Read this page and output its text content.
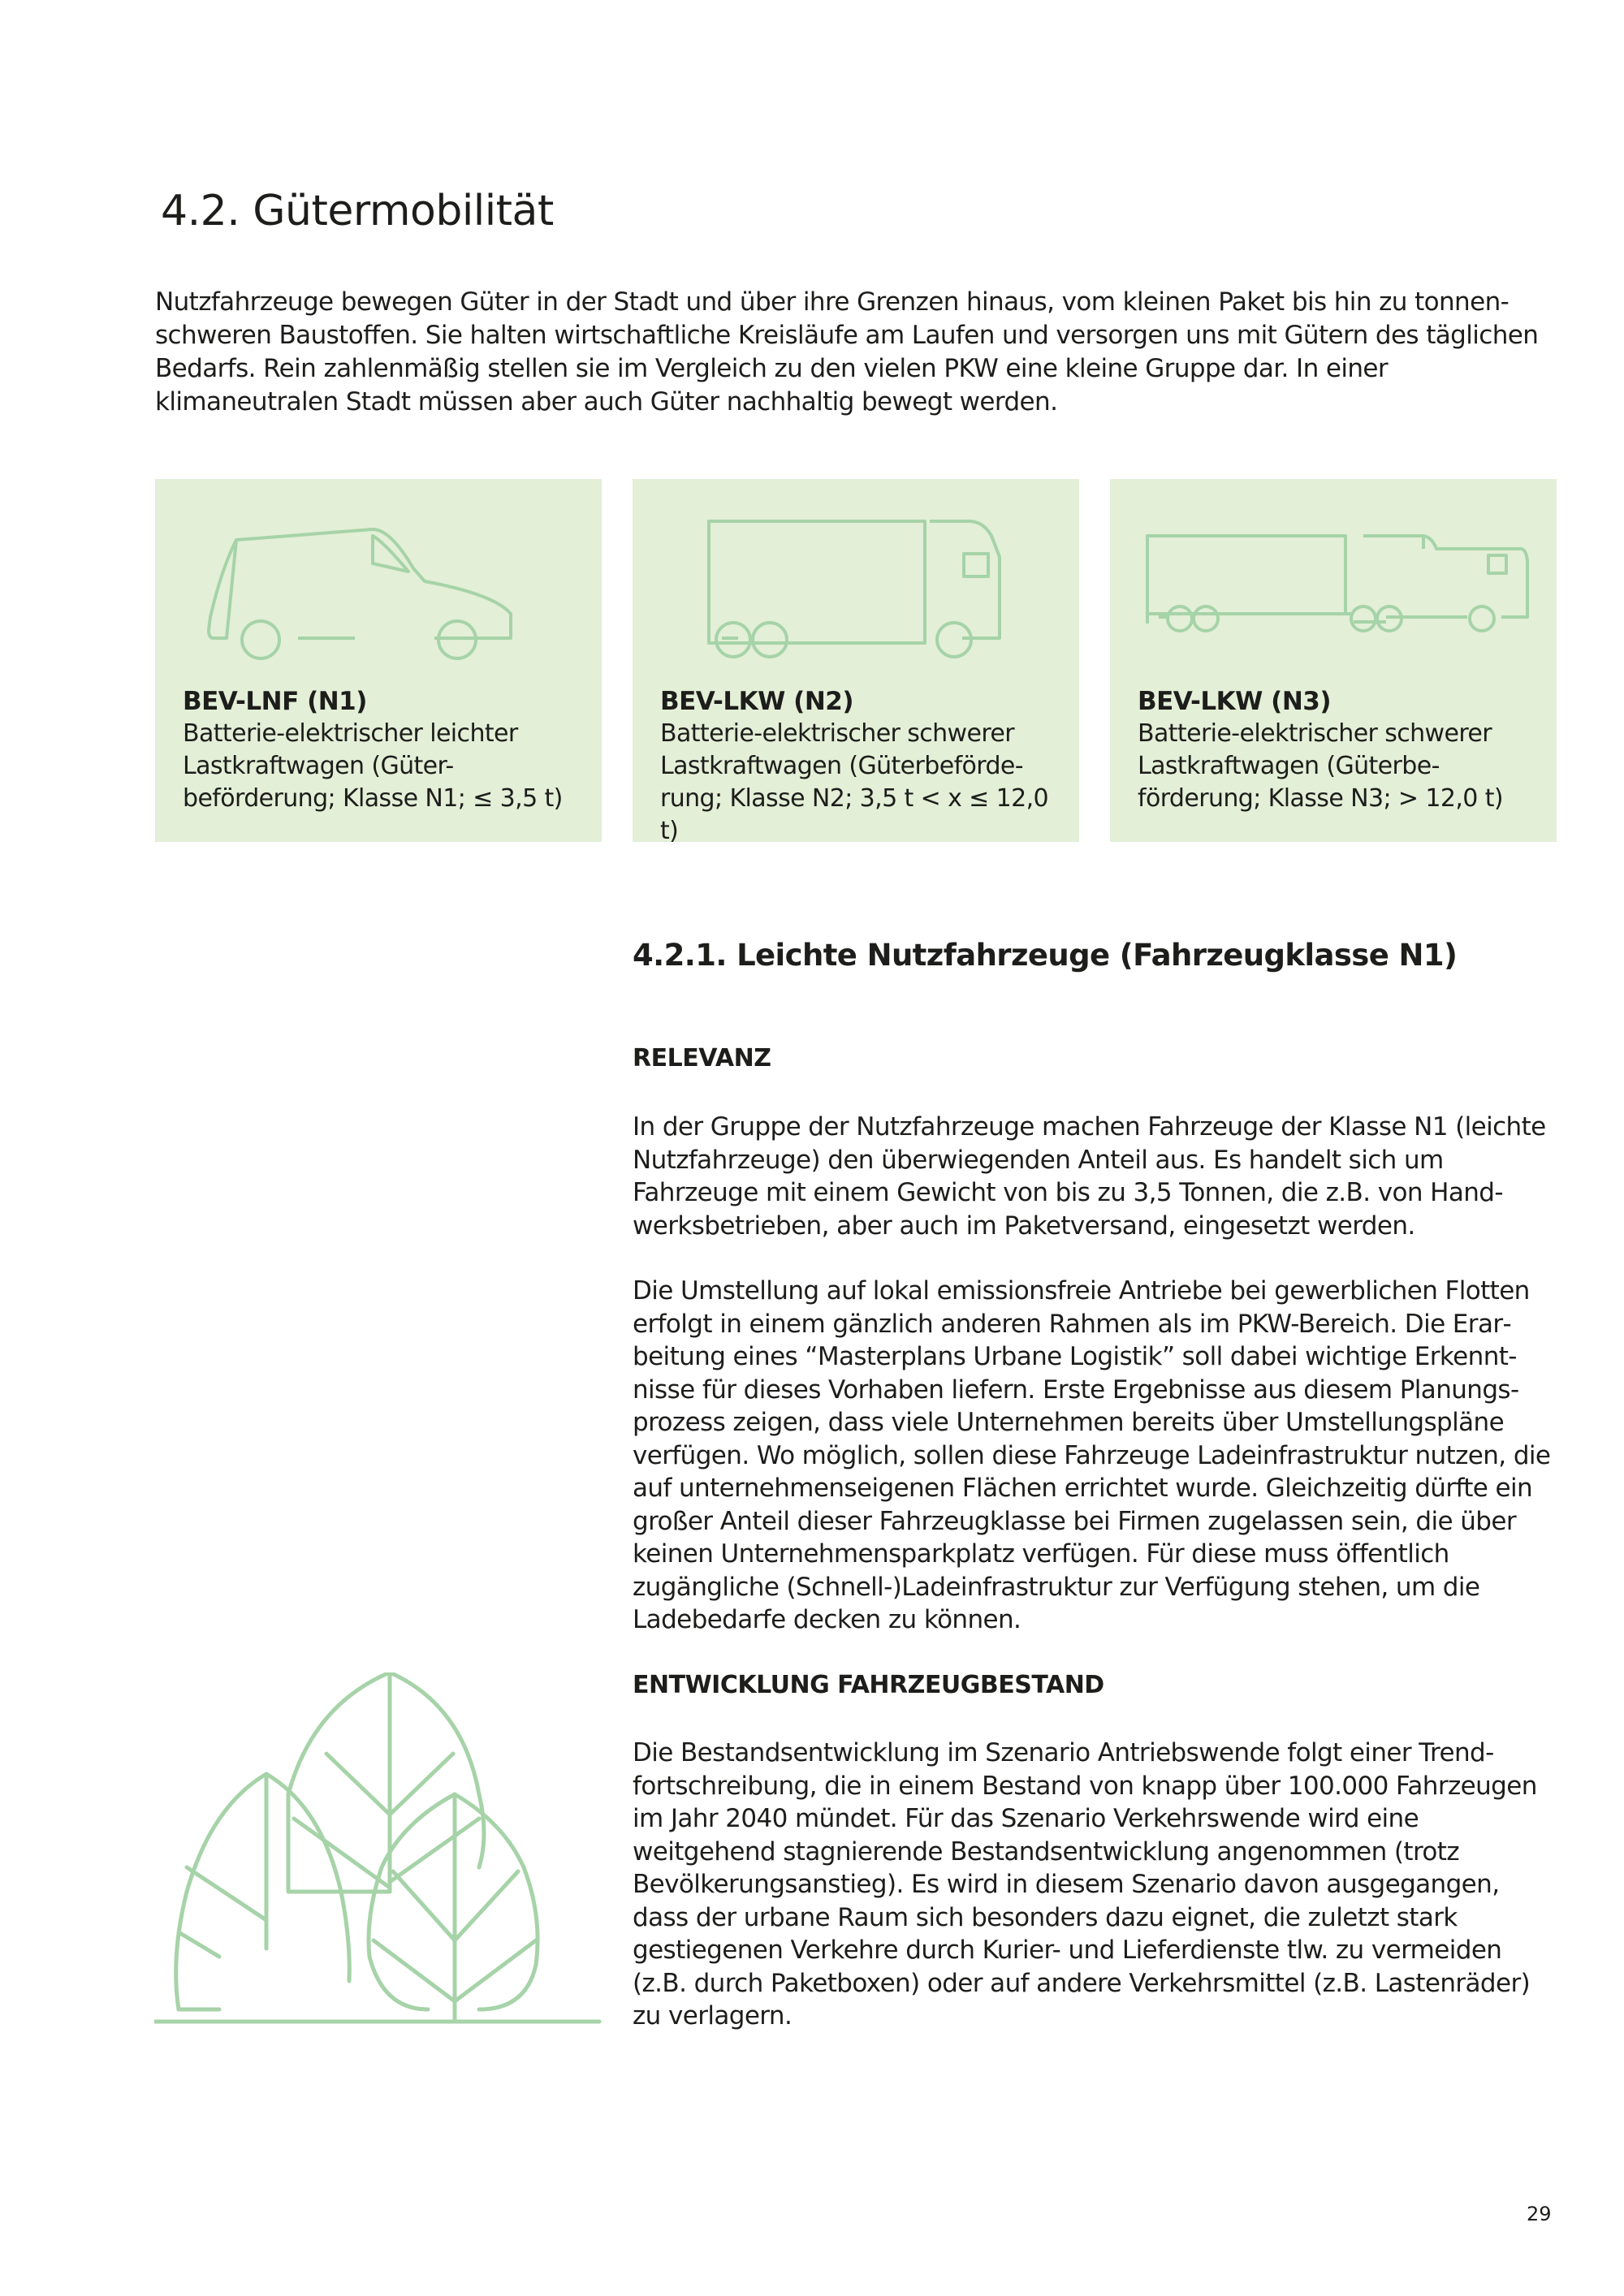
4.2. Gütermobilität

Nutzfahrzeuge bewegen Güter in der Stadt und über ihre Grenzen hinaus, vom kleinen Paket bis hin zu tonnenschweren Baustoffen. Sie halten wirtschaftliche Kreisläufe am Laufen und versorgen uns mit Gütern des täglichen Bedarfs. Rein zahlenmäßig stellen sie im Vergleich zu den vielen PKW eine kleine Gruppe dar. In einer klimaneutralen Stadt müssen aber auch Güter nachhaltig bewegt werden.

BEV-LNF (N1)
Batterie-elektrischer leichter
Lastkraftwagen (Güter-
beförderung; Klasse N1; ≤ 3,5 t)
BEV-LKW (N2)
Batterie-elektrischer schwerer
Lastkraftwagen (Güterbeförde-
rung; Klasse N2; 3,5 t < x ≤ 12,0 t)
BEV-LKW (N3)
Batterie-elektrischer schwerer
Lastkraftwagen (Güterbe-
förderung; Klasse N3; > 12,0 t)
4.2.1. Leichte Nutzfahrzeuge (Fahrzeugklasse N1)
RELEVANZ

In der Gruppe der Nutzfahrzeuge machen Fahrzeuge der Klasse N1 (leichte Nutzfahrzeuge) den überwiegenden Anteil aus. Es handelt sich um Fahrzeuge mit einem Gewicht von bis zu 3,5 Tonnen, die z.B. von Handwerksbetrieben, aber auch im Paketversand, eingesetzt werden.

Die Umstellung auf lokal emissionsfreie Antriebe bei gewerblichen Flotten erfolgt in einem gänzlich anderen Rahmen als im PKW-Bereich. Die Erarbeitung eines “Masterplans Urbane Logistik” soll dabei wichtige Erkenntnisse für dieses Vorhaben liefern. Erste Ergebnisse aus diesem Planungsprozess zeigen, dass viele Unternehmen bereits über Umstellungspläne verfügen. Wo möglich, sollen diese Fahrzeuge Ladeinfrastruktur nutzen, die auf unternehmenseigenen Flächen errichtet wurde. Gleichzeitig dürfte ein großer Anteil dieser Fahrzeugklasse bei Firmen zugelassen sein, die über keinen Unternehmensparkplatz verfügen. Für diese muss öffentlich zugängliche (Schnell-)Ladeinfrastruktur zur Verfügung stehen, um die Ladebedarfe decken zu können.

ENTWICKLUNG FAHRZEUGBESTAND

Die Bestandsentwicklung im Szenario Antriebswende folgt einer Trendfortschreibung, die in einem Bestand von knapp über 100.000 Fahrzeugen im Jahr 2040 mündet. Für das Szenario Verkehrswende wird eine weitgehend stagnierende Bestandsentwicklung angenommen (trotz Bevölkerungsanstieg). Es wird in diesem Szenario davon ausgegangen, dass der urbane Raum sich besonders dazu eignet, die zuletzt stark gestiegenen Verkehre durch Kurier- und Lieferdienste tlw. zu vermeiden (z.B. durch Paketboxen) oder auf andere Verkehrsmittel (z.B. Lastenräder) zu verlagern.

29
